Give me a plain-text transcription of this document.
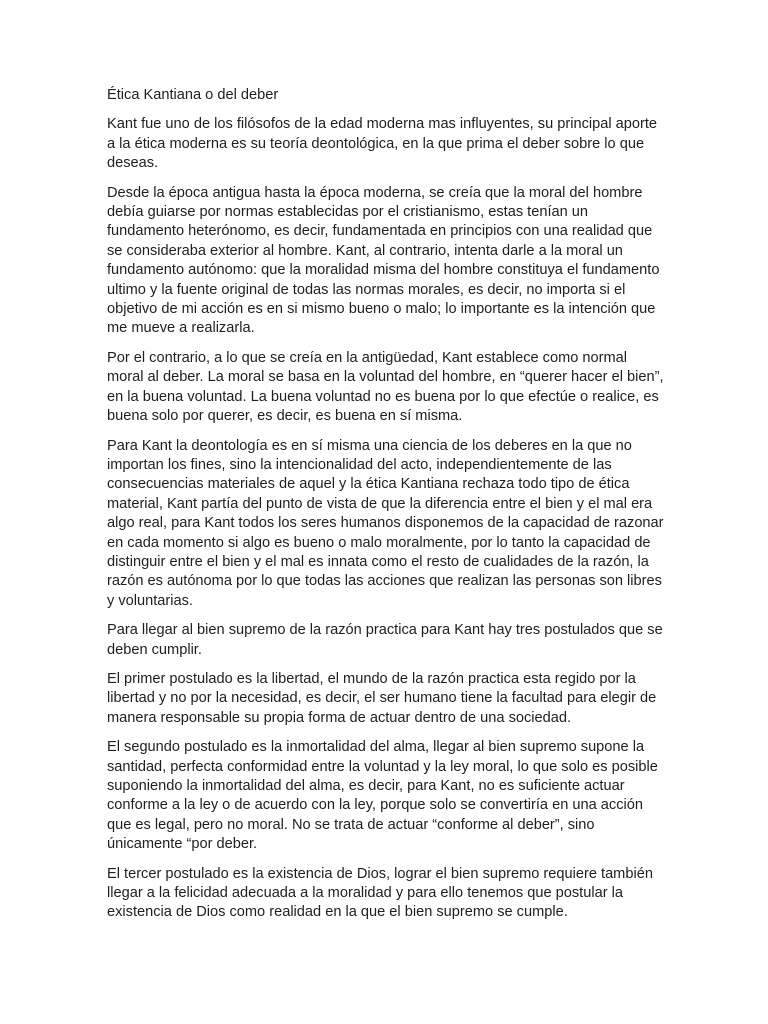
Ética Kantiana o del deber

Kant fue uno de los filósofos de la edad moderna mas influyentes, su principal aporte a la ética moderna es su teoría deontológica, en la que prima el deber sobre lo que deseas.

Desde la época antigua hasta la época moderna, se creía que la moral del hombre debía guiarse por normas establecidas por el cristianismo, estas tenían un fundamento heterónomo, es decir, fundamentada en principios con una realidad que se consideraba exterior al hombre. Kant, al contrario, intenta darle a la moral un fundamento autónomo: que la moralidad misma del hombre constituya el fundamento ultimo y la fuente original de todas las normas morales, es decir, no importa si el objetivo de mi acción es en si mismo bueno o malo; lo importante es la intención que me mueve a realizarla.

Por el contrario, a lo que se creía en la antigüedad, Kant establece como normal moral al deber. La moral se basa en la voluntad del hombre, en “querer hacer el bien”, en la buena voluntad. La buena voluntad no es buena por lo que efectúe o realice, es buena solo por querer, es decir, es buena en sí misma.

Para Kant la deontología es en sí misma una ciencia de los deberes en la que no importan los fines, sino la intencionalidad del acto, independientemente de las consecuencias materiales de aquel y la ética Kantiana rechaza todo tipo de ética material, Kant partía del punto de vista de que la diferencia entre el bien y el mal era algo real, para Kant todos los seres humanos disponemos de la capacidad de razonar en cada momento si algo es bueno o malo moralmente, por lo tanto la capacidad de distinguir entre el bien y el mal es innata como el resto de cualidades de la razón, la razón es autónoma por lo que todas las acciones que realizan las personas son libres y voluntarias.

Para llegar al bien supremo de la razón practica para Kant hay tres postulados que se deben cumplir.

El primer postulado es la libertad, el mundo de la razón practica esta regido por la libertad y no por la necesidad, es decir, el ser humano tiene la facultad para elegir de manera responsable su propia forma de actuar dentro de una sociedad.

El segundo postulado es la inmortalidad del alma, llegar al bien supremo supone la santidad, perfecta conformidad entre la voluntad y la ley moral, lo que solo es posible suponiendo la inmortalidad del alma, es decir, para Kant, no es suficiente actuar conforme a la ley o de acuerdo con la ley, porque solo se convertiría en una acción que es legal, pero no moral. No se trata de actuar “conforme al deber”, sino únicamente “por deber.

El tercer postulado es la existencia de Dios, lograr el bien supremo requiere también llegar a la felicidad adecuada a la moralidad y para ello tenemos que postular la existencia de Dios como realidad en la que el bien supremo se cumple.
